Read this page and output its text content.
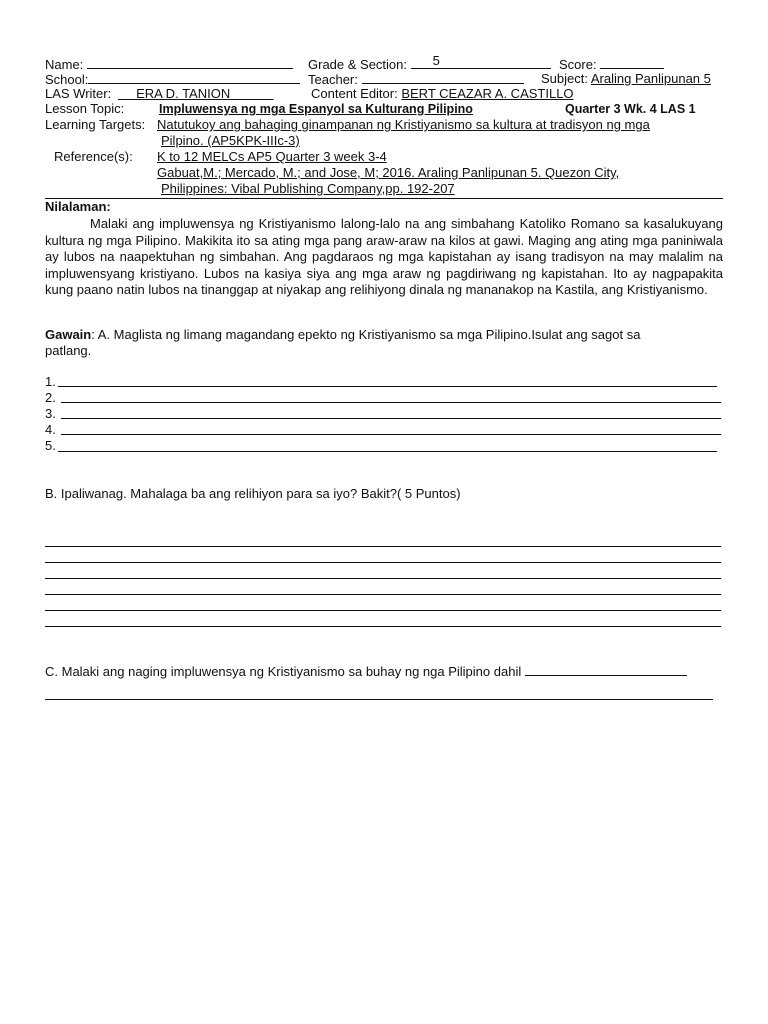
Name:	Grade & Section: 5	Score:
School:	Teacher:	Subject: Araling Panlipunan 5
LAS Writer:	ERA D. TANION	Content Editor: BERT CEAZAR A. CASTILLO
Lesson Topic:	Impluwensya ng mga Espanyol sa Kulturang Pilipino	Quarter 3 Wk. 4 LAS 1
Learning Targets: Natutukoy ang bahaging ginampanan ng Kristiyanismo sa kultura at tradisyon ng mga
Pilpino. (AP5KPK-IIIc-3)
Reference(s): K to 12 MELCs AP5 Quarter 3 week 3-4
Gabuat,M.; Mercado, M.; and Jose, M; 2016. Araling Panlipunan 5. Quezon City,
Philippines: Vibal Publishing Company,pp. 192-207
Nilalaman:
Malaki ang impluwensya ng Kristiyanismo lalong-lalo na ang simbahang Katoliko Romano sa kasalukuyang kultura ng mga Pilipino. Makikita ito sa ating mga pang araw-araw na kilos at gawi. Maging ang ating mga paniniwala ay lubos na naapektuhan ng simbahan. Ang pagdaraos ng mga kapistahan ay isang tradisyon na may malalim na impluwensyang kristiyano. Lubos na kasiya siya ang mga araw ng pagdiriwang ng kapistahan. Ito ay nagpapakita kung paano natin lubos na tinanggap at niyakap ang relihiyong dinala ng mananakop na Kastila, ang Kristiyanismo.
Gawain: A. Maglista ng limang magandang epekto ng Kristiyanismo sa mga Pilipino.Isulat ang sagot sa
patlang.
1.
2.
3.
4.
5.
B. Ipaliwanag. Mahalaga ba ang relihiyon para sa iyo? Bakit?( 5 Puntos)
C. Malaki ang naging impluwensya ng Kristiyanismo sa buhay ng nga Pilipino dahil
